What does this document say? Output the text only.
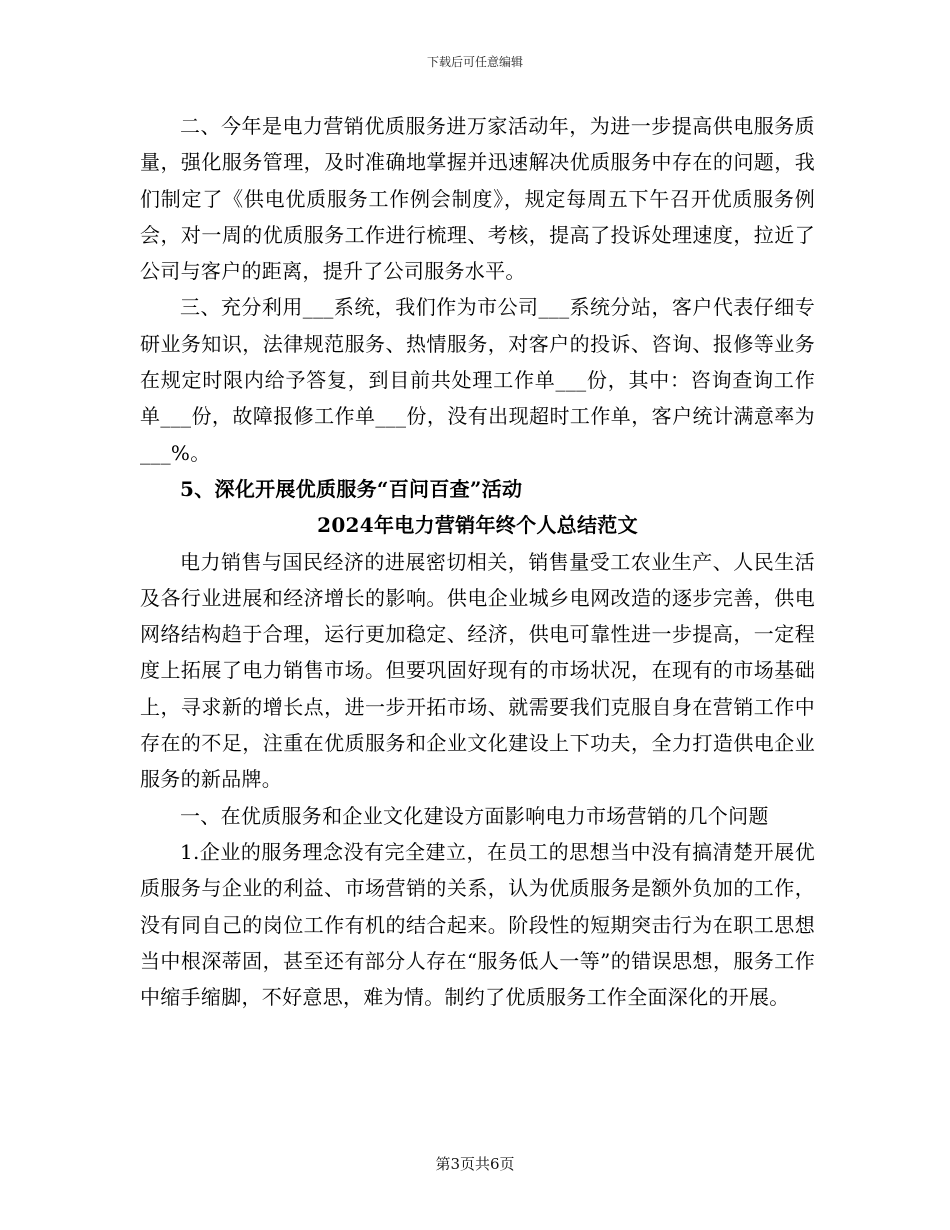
下载后可任意编辑

二、今年是电力营销优质服务进万家活动年，为进一步提高供电服务质量，强化服务管理，及时准确地掌握并迅速解决优质服务中存在的问题，我们制定了《供电优质服务工作例会制度》，规定每周五下午召开优质服务例会，对一周的优质服务工作进行梳理、考核，提高了投诉处理速度，拉近了公司与客户的距离，提升了公司服务水平。

三、充分利用___系统，我们作为市公司___系统分站，客户代表仔细专研业务知识，法律规范服务、热情服务，对客户的投诉、咨询、报修等业务在规定时限内给予答复，到目前共处理工作单___份，其中：咨询查询工作单___份，故障报修工作单___份，没有出现超时工作单，客户统计满意率为___%。

5、深化开展优质服务“百问百查”活动

2024年电力营销年终个人总结范文

电力销售与国民经济的进展密切相关，销售量受工农业生产、人民生活及各行业进展和经济增长的影响。供电企业城乡电网改造的逐步完善，供电网络结构趋于合理，运行更加稳定、经济，供电可靠性进一步提高，一定程度上拓展了电力销售市场。但要巩固好现有的市场状况，在现有的市场基础上，寻求新的增长点，进一步开拓市场、就需要我们克服自身在营销工作中存在的不足，注重在优质服务和企业文化建设上下功夫，全力打造供电企业服务的新品牌。

一、在优质服务和企业文化建设方面影响电力市场营销的几个问题

1.企业的服务理念没有完全建立，在员工的思想当中没有搞清楚开展优质服务与企业的利益、市场营销的关系，认为优质服务是额外负加的工作，没有同自己的岗位工作有机的结合起来。阶段性的短期突击行为在职工思想当中根深蒂固，甚至还有部分人存在“服务低人一等”的错误思想，服务工作中缩手缩脚，不好意思，难为情。制约了优质服务工作全面深化的开展。

第3页共6页
